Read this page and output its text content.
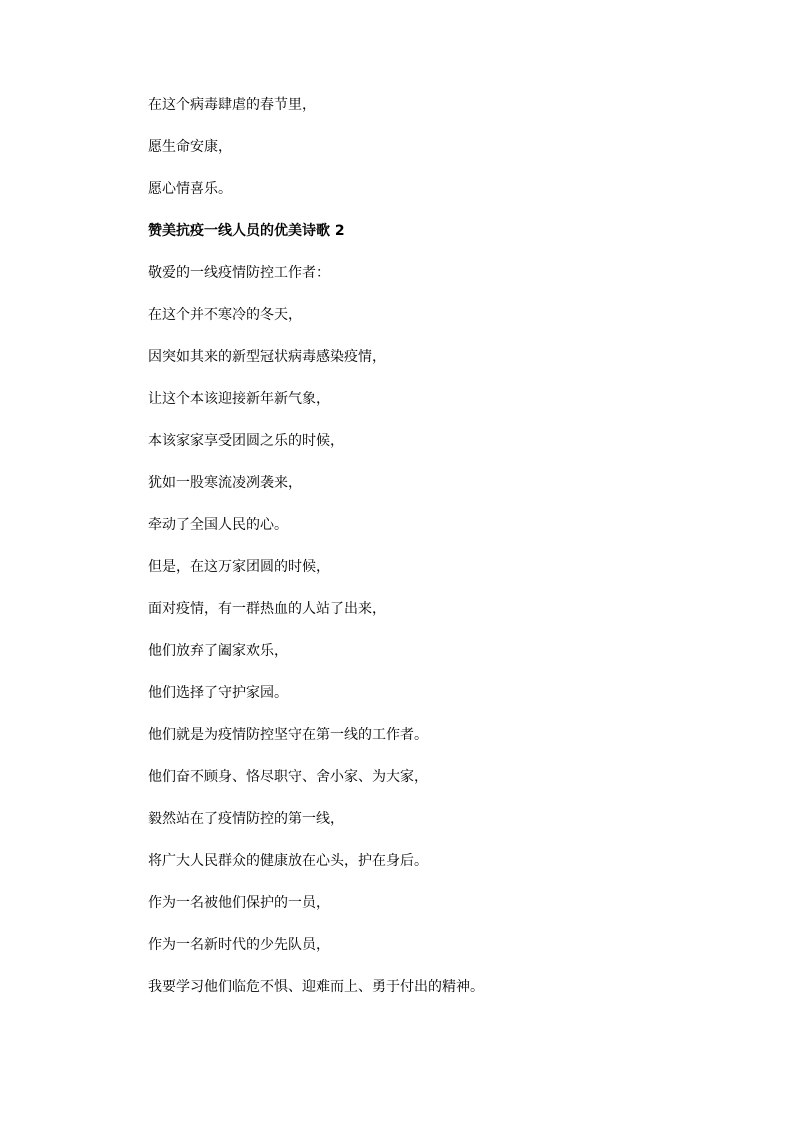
在这个病毒肆虐的春节里，

愿生命安康，

愿心情喜乐。

赞美抗疫一线人员的优美诗歌 2

敬爱的一线疫情防控工作者：

在这个并不寒冷的冬天，

因突如其来的新型冠状病毒感染疫情，

让这个本该迎接新年新气象，

本该家家享受团圆之乐的时候，

犹如一股寒流凌冽袭来，

牵动了全国人民的心。

但是，在这万家团圆的时候，

面对疫情，有一群热血的人站了出来，

他们放弃了阖家欢乐，

他们选择了守护家园。

他们就是为疫情防控坚守在第一线的工作者。

他们奋不顾身、恪尽职守、舍小家、为大家，

毅然站在了疫情防控的第一线，

将广大人民群众的健康放在心头，护在身后。

作为一名被他们保护的一员，

作为一名新时代的少先队员，

我要学习他们临危不惧、迎难而上、勇于付出的精神。
